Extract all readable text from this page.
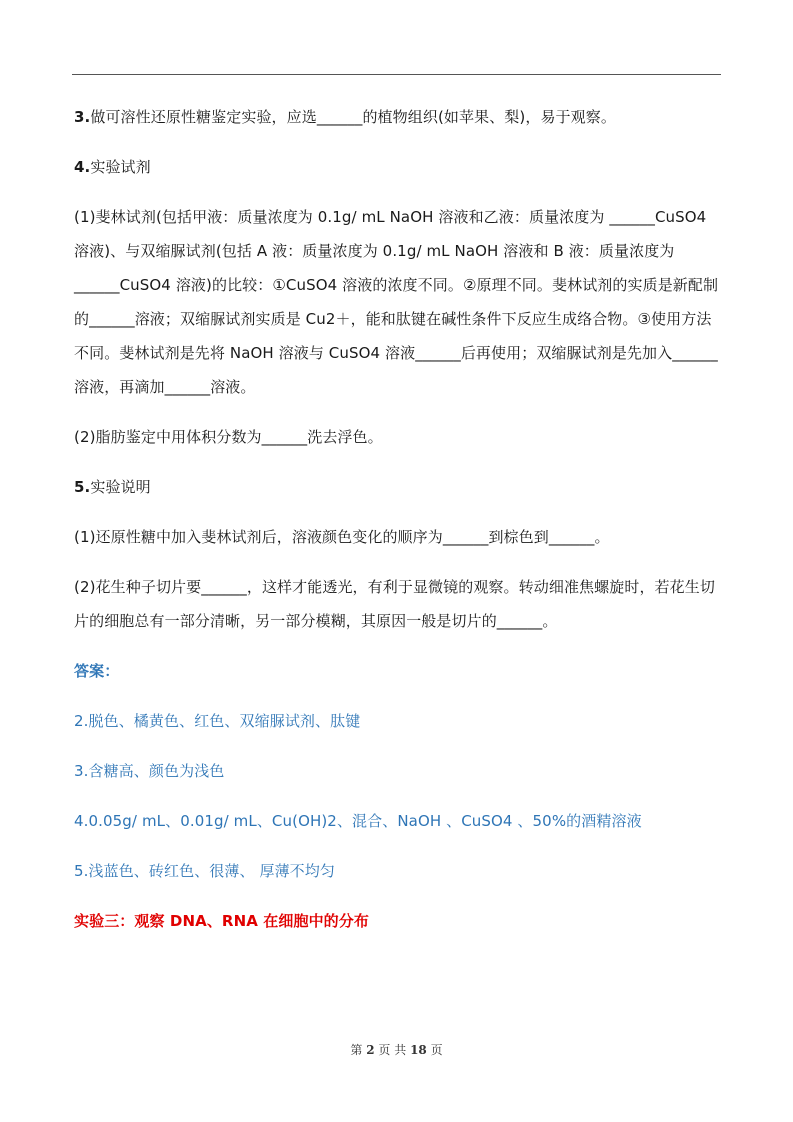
3.做可溶性还原性糖鉴定实验，应选______的植物组织(如苹果、梨)，易于观察。

4.实验试剂

(1)斐林试剂(包括甲液：质量浓度为 0.1g/ mL NaOH 溶液和乙液：质量浓度为 ______CuSO4 溶液)、与双缩脲试剂(包括 A 液：质量浓度为 0.1g/ mL NaOH 溶液和 B 液：质量浓度为______CuSO4 溶液)的比较：①CuSO4 溶液的浓度不同。②原理不同。斐林试剂的实质是新配制的______溶液；双缩脲试剂实质是 Cu2＋，能和肽键在碱性条件下反应生成络合物。③使用方法不同。斐林试剂是先将 NaOH 溶液与 CuSO4 溶液______后再使用；双缩脲试剂是先加入______溶液，再滴加______溶液。

(2)脂肪鉴定中用体积分数为______洗去浮色。

5.实验说明

(1)还原性糖中加入斐林试剂后，溶液颜色变化的顺序为______到棕色到______。

(2)花生种子切片要______，这样才能透光，有利于显微镜的观察。转动细准焦螺旋时，若花生切片的细胞总有一部分清晰，另一部分模糊，其原因一般是切片的______。

答案：

2.脱色、橘黄色、红色、双缩脲试剂、肽键

3.含糖高、颜色为浅色

4.0.05g/ mL、0.01g/ mL、Cu(OH)2、混合、NaOH 、CuSO4 、50%的酒精溶液

5.浅蓝色、砖红色、很薄、 厚薄不均匀

实验三：观察 DNA、RNA 在细胞中的分布

第 2 页 共 18 页
